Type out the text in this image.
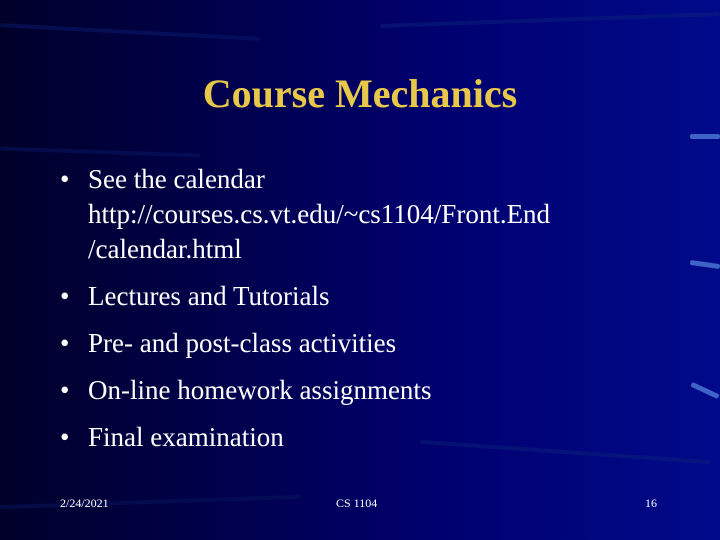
Course Mechanics
• See the calendar
http://courses.cs.vt.edu/~cs1104/Front.End
/calendar.html
• Lectures and Tutorials
• Pre- and post-class activities
• On-line homework assignments
• Final examination
2/24/2021	CS 1104	16
